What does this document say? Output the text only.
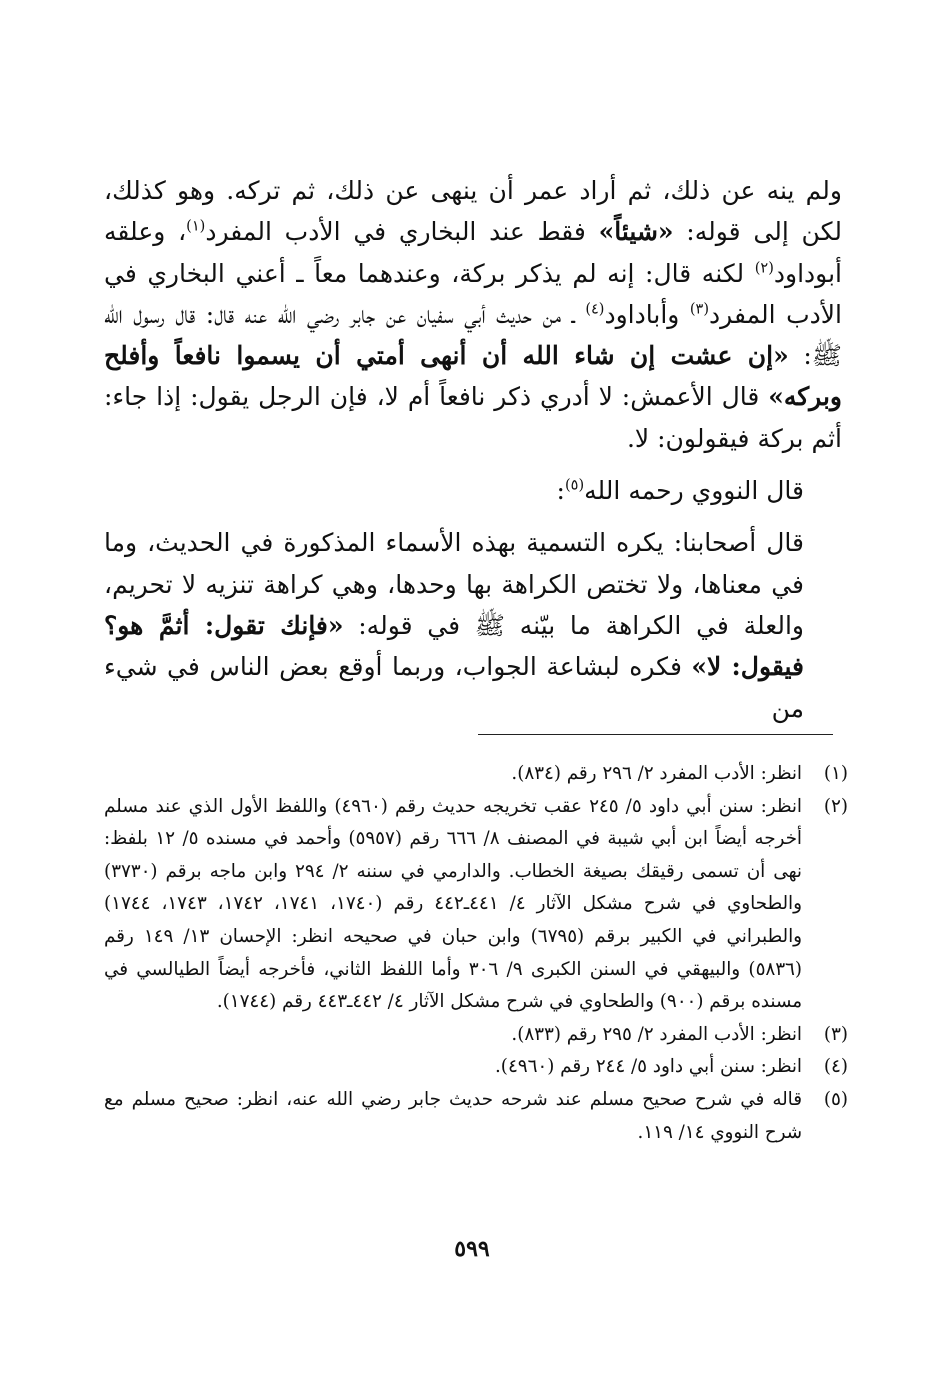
ولم ينه عن ذلك، ثم أراد عمر أن ينهى عن ذلك، ثم تركه. وهو كذلك، لكن إلى قوله: «شيئاً» فقط عند البخاري في الأدب المفرد$^{(١)}$، وعلقه أبوداود$^{(٢)}$ لكنه قال: إنه لم يذكر بركة، وعندهما معاً ـ أعني البخاري في الأدب المفرد$^{(٣)}$ وأباداود$^{(٤)}$ ـ من حديث أبي سفيان عن جابر رضي الله عنه قال: قال رسول الله ﷺ: «إن عشت إن شاء الله أن أنهى أمتي أن يسموا نافعاً وأفلح وبركه» قال الأعمش: لا أدري ذكر نافعاً أم لا، فإن الرجل يقول: إذا جاء: أثم بركة فيقولون: لا.

قال النووي رحمه الله$^{(٥)}$:

قال أصحابنا: يكره التسمية بهذه الأسماء المذكورة في الحديث، وما في معناها، ولا تختص الكراهة بها وحدها، وهي كراهة تنزيه لا تحريم، والعلة في الكراهة ما بيّنه ﷺ في قوله: «فإنك تقول: أثمَّ هو؟ فيقول: لا» فكره لبشاعة الجواب، وربما أوقع بعض الناس في شيء من

(١)
انظر: الأدب المفرد ٢/ ٢٩٦ رقم (٨٣٤).
(٢)
انظر: سنن أبي داود ٥/ ٢٤٥ عقب تخريجه حديث رقم (٤٩٦٠) واللفظ الأول الذي عند مسلم أخرجه أيضاً ابن أبي شيبة في المصنف ٨/ ٦٦٦ رقم (٥٩٥٧) وأحمد في مسنده ٥/ ١٢ بلفظ: نهى أن تسمى رقيقك بصيغة الخطاب. والدارمي في سننه ٢/ ٢٩٤ وابن ماجه برقم (٣٧٣٠) والطحاوي في شرح مشكل الآثار ٤/ ٤٤١ـ٤٤٢ رقم (١٧٤٠، ١٧٤١، ١٧٤٢، ١٧٤٣، ١٧٤٤) والطبراني في الكبير برقم (٦٧٩٥) وابن حبان في صحيحه انظر: الإحسان ١٣/ ١٤٩ رقم (٥٨٣٦) والبيهقي في السنن الكبرى ٩/ ٣٠٦ وأما اللفظ الثاني، فأخرجه أيضاً الطيالسي في مسنده برقم (٩٠٠) والطحاوي في شرح مشكل الآثار ٤/ ٤٤٢ـ٤٤٣ رقم (١٧٤٤).
(٣)
انظر: الأدب المفرد ٢/ ٢٩٥ رقم (٨٣٣).
(٤)
انظر: سنن أبي داود ٥/ ٢٤٤ رقم (٤٩٦٠).
(٥)
قاله في شرح صحيح مسلم عند شرحه حديث جابر رضي الله عنه، انظر: صحيح مسلم مع شرح النووي ١٤/ ١١٩.
٥٩٩
